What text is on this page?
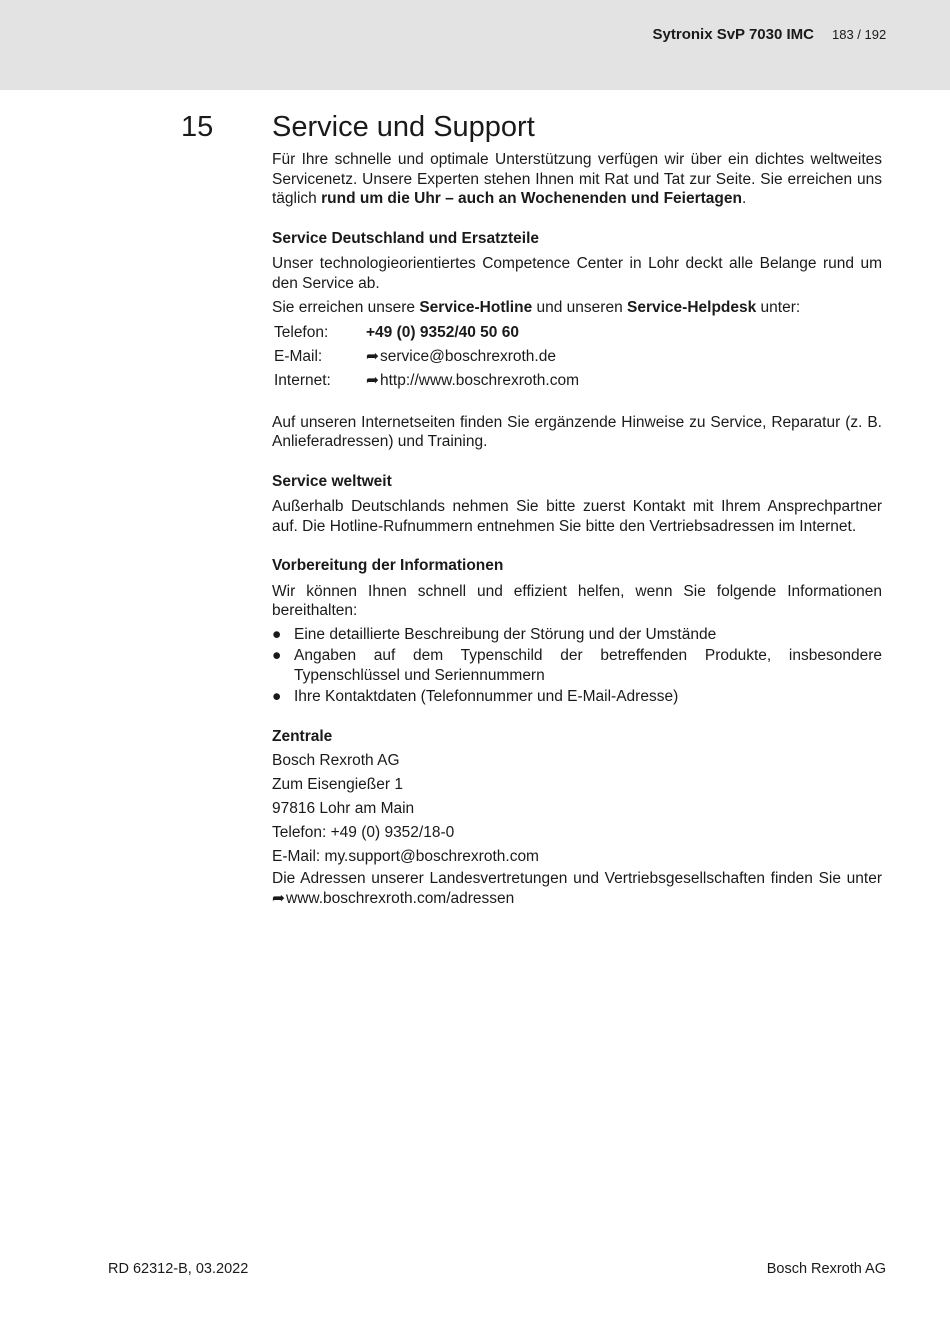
Sytronix SvP 7030 IMC 183 / 192
15 Service und Support

Für Ihre schnelle und optimale Unterstützung verfügen wir über ein dichtes weltweites Servicenetz. Unsere Experten stehen Ihnen mit Rat und Tat zur Seite. Sie erreichen uns täglich rund um die Uhr – auch an Wochenenden und Feiertagen.

Service Deutschland und Ersatzteile

Unser technologieorientiertes Competence Center in Lohr deckt alle Belange rund um den Service ab.

Sie erreichen unsere Service-Hotline und unseren Service-Helpdesk unter:

Telefon:	+49 (0) 9352/40 50 60
E-Mail:	➦service@boschrexroth.de
Internet:	➦http://www.boschrexroth.com

Auf unseren Internetseiten finden Sie ergänzende Hinweise zu Service, Reparatur (z. B. Anlieferadressen) und Training.

Service weltweit

Außerhalb Deutschlands nehmen Sie bitte zuerst Kontakt mit Ihrem Ansprechpartner auf. Die Hotline-Rufnummern entnehmen Sie bitte den Vertriebsadressen im Internet.

Vorbereitung der Informationen

Wir können Ihnen schnell und effizient helfen, wenn Sie folgende Informationen bereithalten:

● Eine detaillierte Beschreibung der Störung und der Umstände
● Angaben auf dem Typenschild der betreffenden Produkte, insbesondere Typenschlüssel und Seriennummern
● Ihre Kontaktdaten (Telefonnummer und E-Mail-Adresse)
Zentrale

Bosch Rexroth AG

Zum Eisengießer 1

97816 Lohr am Main

Telefon: +49 (0) 9352/18-0

E-Mail: my.support@boschrexroth.com

Die Adressen unserer Landesvertretungen und Vertriebsgesellschaften finden Sie unter ➦www.boschrexroth.com/adressen

RD 62312-B, 03.2022	Bosch Rexroth AG
